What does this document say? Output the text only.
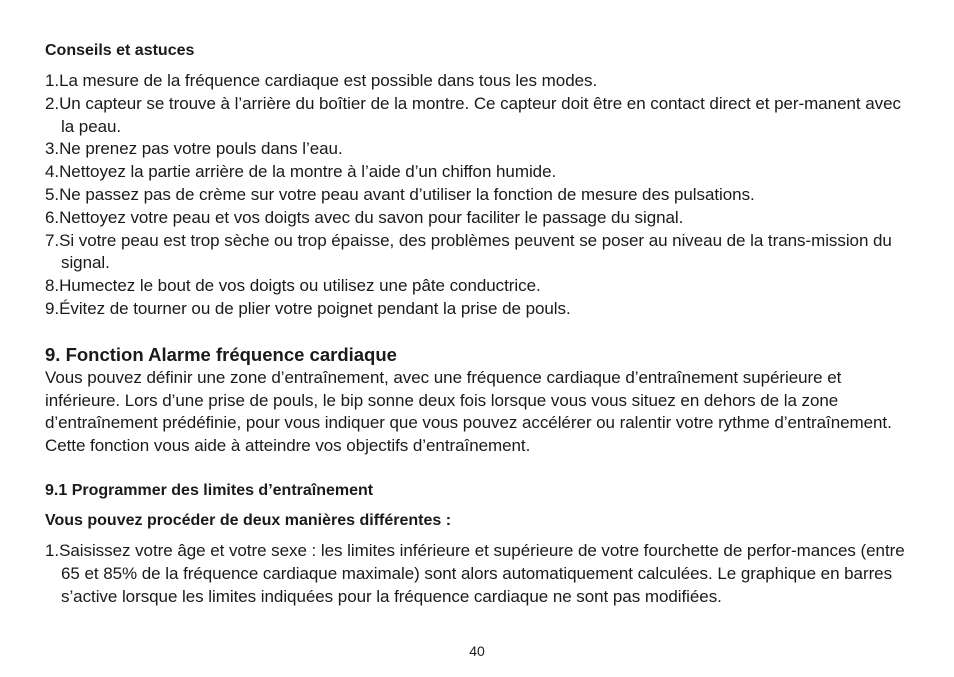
Conseils et astuces
1.La mesure de la fréquence cardiaque est possible dans tous les modes.
2.Un capteur se trouve à l’arrière du boîtier de la montre. Ce capteur doit être en contact direct et per-manent avec la peau.
3.Ne prenez pas votre pouls dans l’eau.
4.Nettoyez la partie arrière de la montre à l’aide d’un chiffon humide.
5.Ne passez pas de crème sur votre peau avant d’utiliser la fonction de mesure des pulsations.
6.Nettoyez votre peau et vos doigts avec du savon pour faciliter le passage du signal.
7.Si votre peau est trop sèche ou trop épaisse, des problèmes peuvent se poser au niveau de la trans-mission du signal.
8.Humectez le bout de vos doigts ou utilisez une pâte conductrice.
9.Évitez de tourner ou de plier votre poignet pendant la prise de pouls.
9. Fonction Alarme fréquence cardiaque

Vous pouvez définir une zone d’entraînement, avec une fréquence cardiaque d’entraînement supérieure et inférieure. Lors d’une prise de pouls, le bip sonne deux fois lorsque vous vous situez en dehors de la zone d’entraînement prédéfinie, pour vous indiquer que vous pouvez accélérer ou ralentir votre rythme d’entraînement. Cette fonction vous aide à atteindre vos objectifs d’entraînement.

9.1 Programmer des limites d’entraînement
Vous pouvez procéder de deux manières différentes :
1.Saisissez votre âge et votre sexe : les limites inférieure et supérieure de votre fourchette de perfor-mances (entre 65 et 85% de la fréquence cardiaque maximale) sont alors automatiquement calculées. Le graphique en barres s’active lorsque les limites indiquées pour la fréquence cardiaque ne sont pas modifiées.
40
